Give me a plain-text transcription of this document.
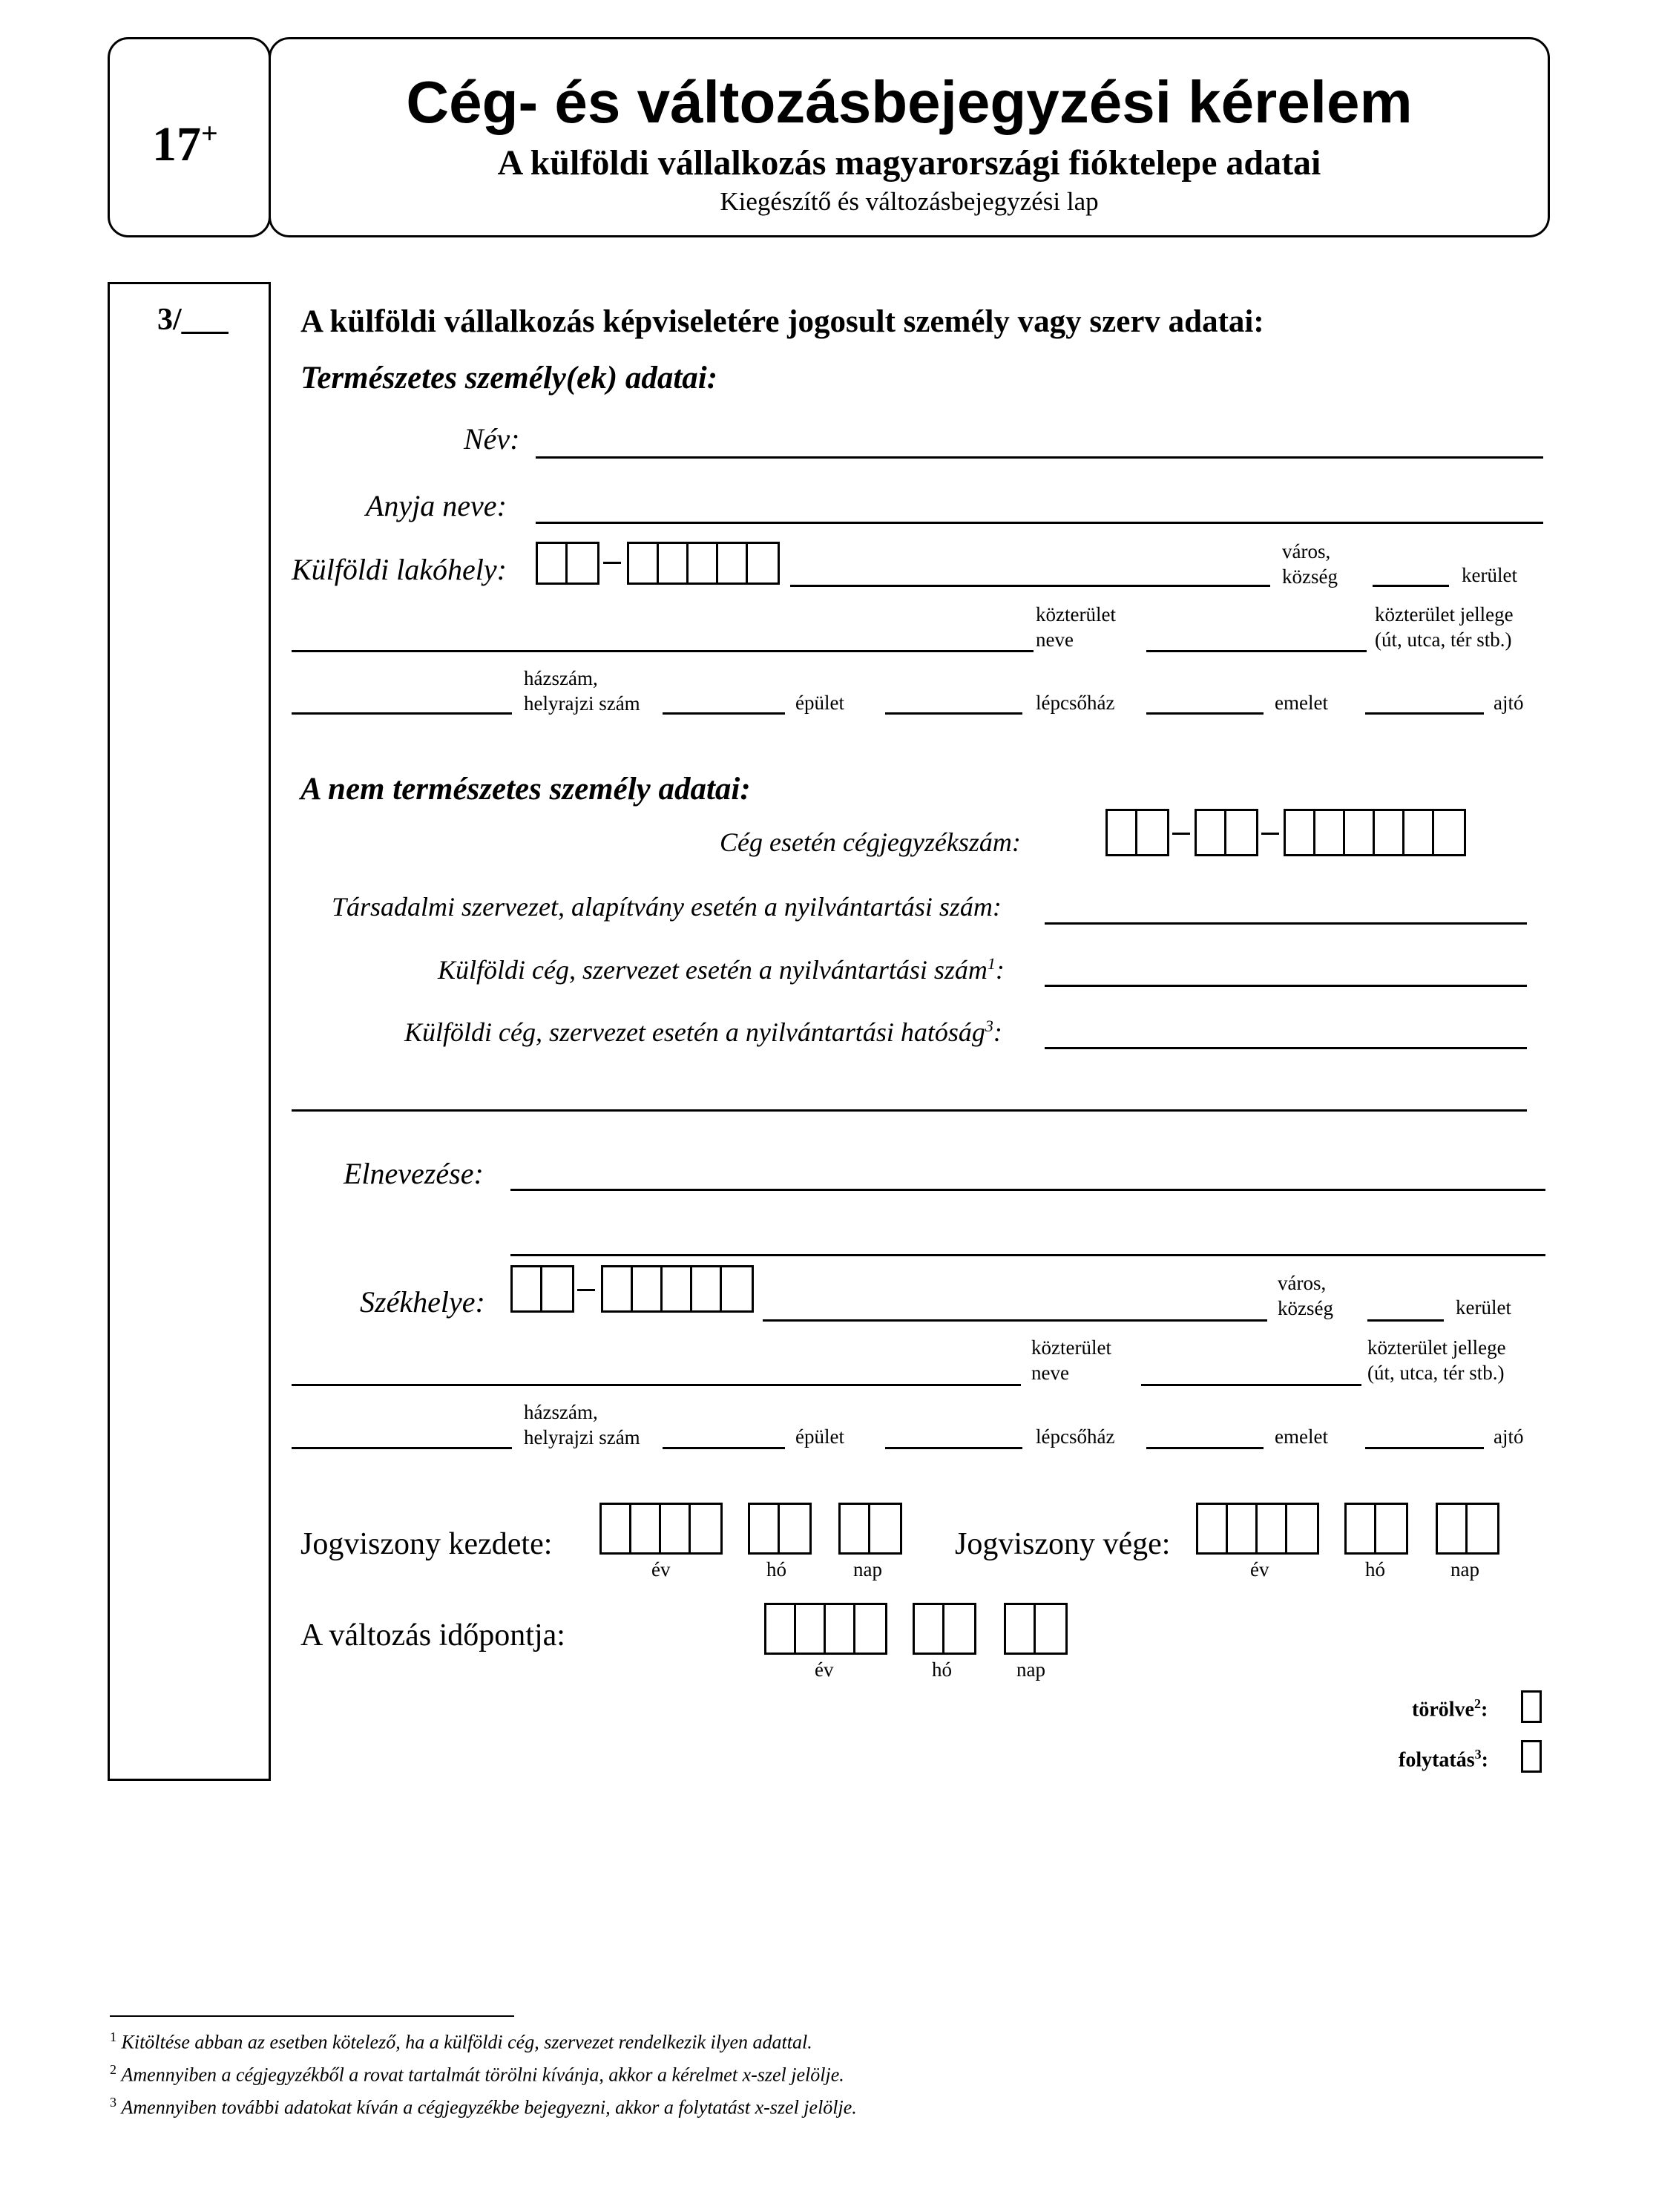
17+	Cég- és változásbejegyzési kérelem
A külföldi vállalkozás magyarországi fióktelepe adatai
Kiegészítő és változásbejegyzési lap
3/___ A külföldi vállalkozás képviseletére jogosult személy vagy szerv adatai:
Természetes személy(ek) adatai:
Név:
Anyja neve:
Külföldi lakóhely:
város,
község	kerület
közterület
neve
közterület jellege
(út, utca, tér stb.)
házszám,
helyrajzi szám	épület	lépcsőház	emelet	ajtó
A nem természetes személy adatai:
Cég esetén cégjegyzékszám:
Társadalmi szervezet, alapítvány esetén a nyilvántartási szám:
Külföldi cég, szervezet esetén a nyilvántartási szám$^1$:
Külföldi cég, szervezet esetén a nyilvántartási hatóság$^3$:
Elnevezése:
Székhelye:
város,
község	kerület
közterület
neve
közterület jellege
(út, utca, tér stb.)
házszám,
helyrajzi szám	épület	lépcsőház	emelet	ajtó
Jogviszony kezdete:
év	hó	nap
Jogviszony vége:
év	hó	nap
A változás időpontja:
év	hó	nap
törölve$^2$:
folytatás$^3$:
$^1$ Kitöltése abban az esetben kötelező, ha a külföldi cég, szervezet rendelkezik ilyen adattal.
$^2$ Amennyiben a cégjegyzékből a rovat tartalmát törölni kívánja, akkor a kérelmet x-szel jelölje.
$^3$ Amennyiben további adatokat kíván a cégjegyzékbe bejegyezni, akkor a folytatást x-szel jelölje.
